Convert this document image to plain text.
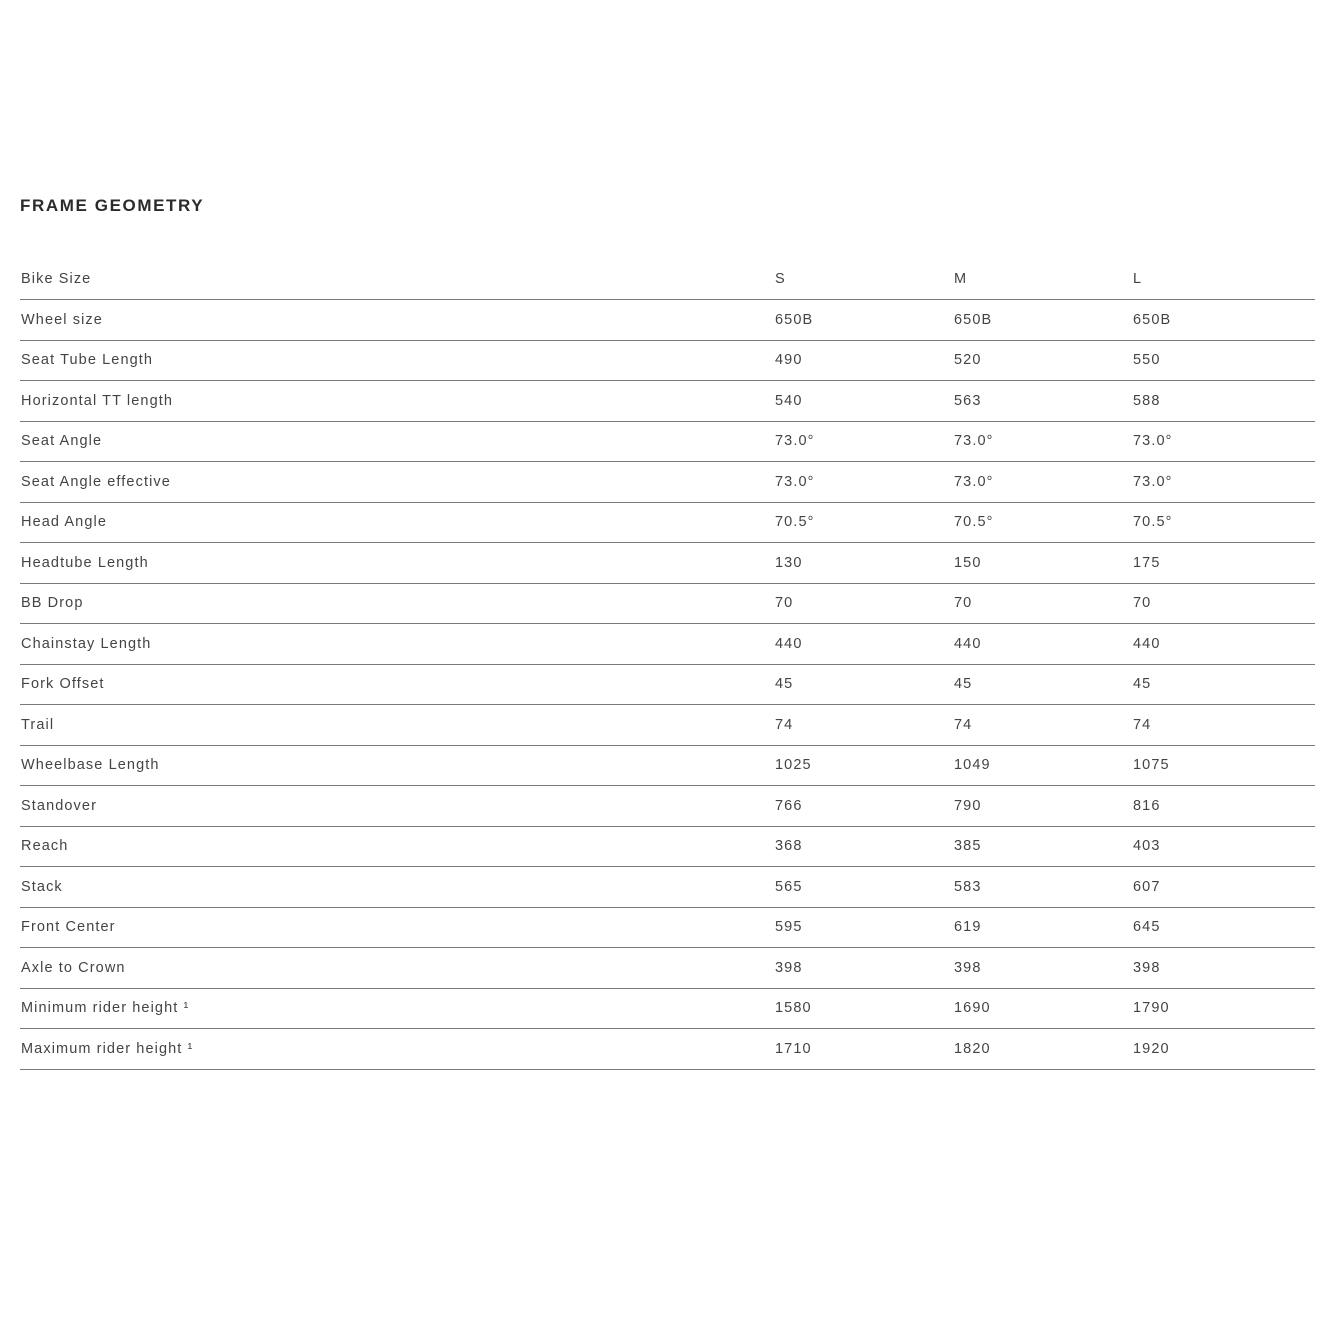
FRAME GEOMETRY
Bike Size	S	M	L
Wheel size	650B	650B	650B
Seat Tube Length	490	520	550
Horizontal TT length	540	563	588
Seat Angle	73.0°	73.0°	73.0°
Seat Angle effective	73.0°	73.0°	73.0°
Head Angle	70.5°	70.5°	70.5°
Headtube Length	130	150	175
BB Drop	70	70	70
Chainstay Length	440	440	440
Fork Offset	45	45	45
Trail	74	74	74
Wheelbase Length	1025	1049	1075
Standover	766	790	816
Reach	368	385	403
Stack	565	583	607
Front Center	595	619	645
Axle to Crown	398	398	398
Minimum rider height ¹	1580	1690	1790
Maximum rider height ¹	1710	1820	1920
